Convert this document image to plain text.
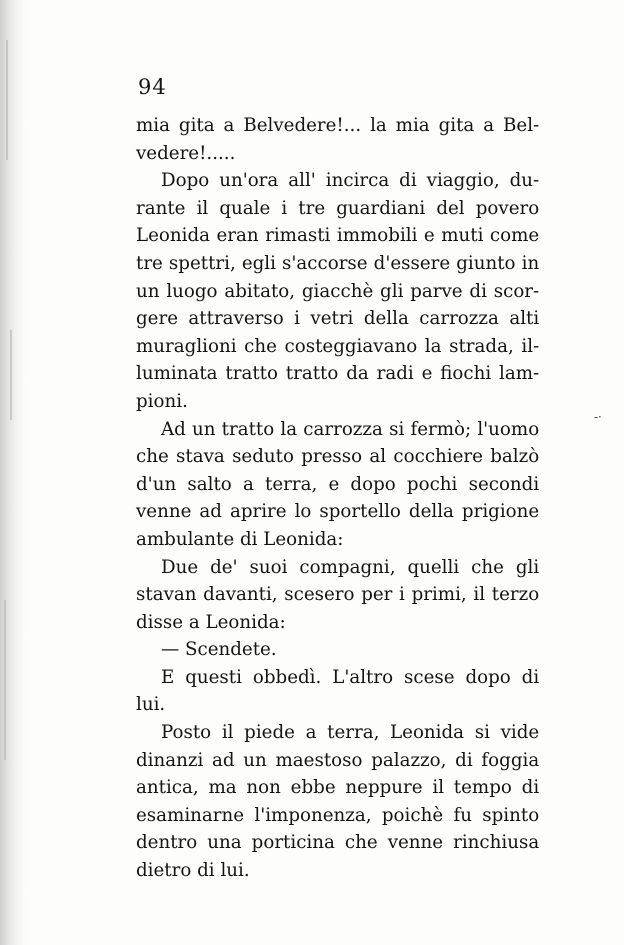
94
mia gita a Belvedere!... la mia gita a Bel-
vedere!.....
Dopo un'ora all' incirca di viaggio, du-
rante il quale i tre guardiani del povero
Leonida eran rimasti immobili e muti come
tre spettri, egli s'accorse d'essere giunto in
un luogo abitato, giacchè gli parve di scor-
gere attraverso i vetri della carrozza alti
muraglioni che costeggiavano la strada, il-
luminata tratto tratto da radi e fiochi lam-
pioni.
Ad un tratto la carrozza si fermò; l'uomo
che stava seduto presso al cocchiere balzò
d'un salto a terra, e dopo pochi secondi
venne ad aprire lo sportello della prigione
ambulante di Leonida:
Due de' suoi compagni, quelli che gli
stavan davanti, scesero per i primi, il terzo
disse a Leonida:
— Scendete.
E questi obbedì. L'altro scese dopo di
lui.
Posto il piede a terra, Leonida si vide
dinanzi ad un maestoso palazzo, di foggia
antica, ma non ebbe neppure il tempo di
esaminarne l'imponenza, poichè fu spinto
dentro una porticina che venne rinchiusa
dietro di lui.
-·
